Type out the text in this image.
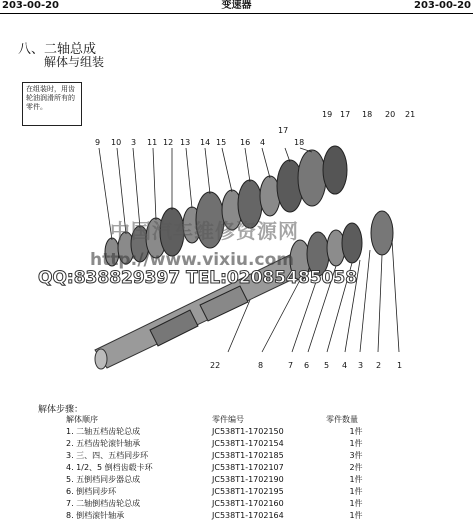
203-00-20	变速器	203-00-20
八、二轴总成
解体与组装
在组装时，用齿轮油润滑所有的零件。
9 10 3 11 12 13 14 15 16 4
17
18
19 17 18 20 21
22	8	7 6 5 4 3 2 1
中国汽车维修资源网
http://www.vixiu.com
QQ:838829397 TEL:02085485058
解体步骤：
解体顺序	零件编号	零件数量
1. 二轴五档齿轮总成	JC538T1-1702150	1件
2. 五档齿轮滚针轴承	JC538T1-1702154	1件
3. 三、四、五档同步环	JC538T1-1702185	3件
4. 1/2、5 倒档齿毂卡环	JC538T1-1702107	2件
5. 五倒档同步器总成	JC538T1-1702190	1件
6. 倒档同步环	JC538T1-1702195	1件
7. 二轴倒档齿轮总成	JC538T1-1702160	1件
8. 倒档滚针轴承	JC538T1-1702164	1件
